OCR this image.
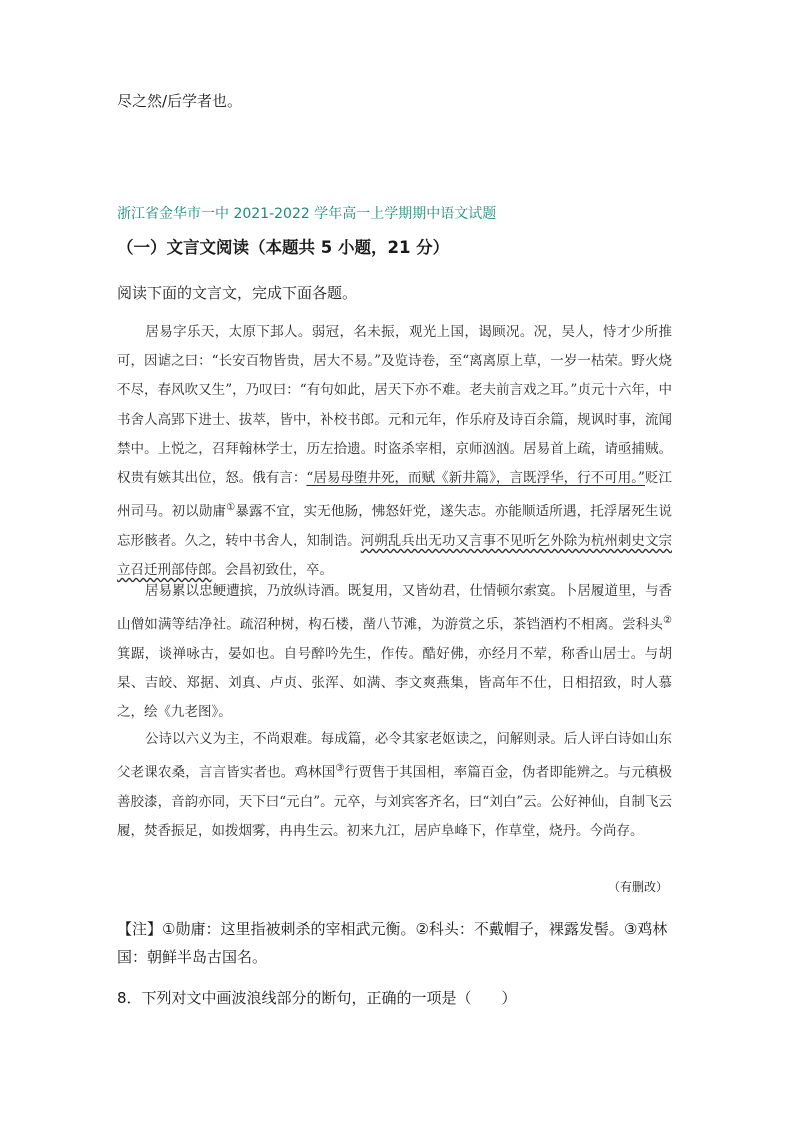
尽之然/后学者也。
浙江省金华市一中 2021-2022 学年高一上学期期中语文试题
（一）文言文阅读（本题共 5 小题，21 分）
阅读下面的文言文，完成下面各题。

居易字乐天，太原下邽人。弱冠，名未振，观光上国，谒顾况。况，吴人，恃才少所推可，因谑之曰：“长安百物皆贵，居大不易。”及览诗卷，至“离离原上草，一岁一枯荣。野火烧不尽，春风吹又生”，乃叹曰：“有句如此，居天下亦不难。老夫前言戏之耳。”贞元十六年，中书舍人高郢下进士、拔萃，皆中，补校书郎。元和元年，作乐府及诗百余篇，规讽时事，流闻禁中。上悦之，召拜翰林学士，历左拾遗。时盗杀宰相，京师汹汹。居易首上疏，请亟捕贼。权贵有嫉其出位，怒。俄有言：“居易母堕井死，而赋《新井篇》，言既浮华，行不可用。”贬江州司马。初以勋庸①暴露不宜，实无他肠，怫怒奸党，遂失志。亦能顺适所遇，托浮屠死生说忘形骸者。久之，转中书舍人，知制诰。河朔乱兵出无功又言事不见听乞外除为杭州刺史文宗立召迁刑部侍郎。会昌初致仕，卒。

居易累以忠鲠遭摈，乃放纵诗酒。既复用，又皆幼君，仕情顿尔索寞。卜居履道里，与香山僧如满等结净社。疏沼种树，构石楼，凿八节滩，为游赏之乐，茶铛酒杓不相离。尝科头②箕踞，谈禅咏古，晏如也。自号醉吟先生，作传。酷好佛，亦经月不荤，称香山居士。与胡杲、吉皎、郑据、刘真、卢贞、张浑、如满、李文爽燕集，皆高年不仕，日相招致，时人慕之，绘《九老图》。

公诗以六义为主，不尚艰难。每成篇，必令其家老妪读之，问解则录。后人评白诗如山东父老课农桑，言言皆实者也。鸡林国③行贾售于其国相，率篇百金，伪者即能辨之。与元稹极善胶漆，音韵亦同，天下曰“元白”。元卒，与刘宾客齐名，曰“刘白”云。公好神仙，自制飞云履，焚香振足，如拨烟雾，冉冉生云。初来九江，居庐阜峰下，作草堂，烧丹。今尚存。

（有删改）
【注】①勋庸：这里指被刺杀的宰相武元衡。②科头：不戴帽子，裸露发髻。③鸡林国：朝鲜半岛古国名。
8．下列对文中画波浪线部分的断句，正确的一项是（　　）
